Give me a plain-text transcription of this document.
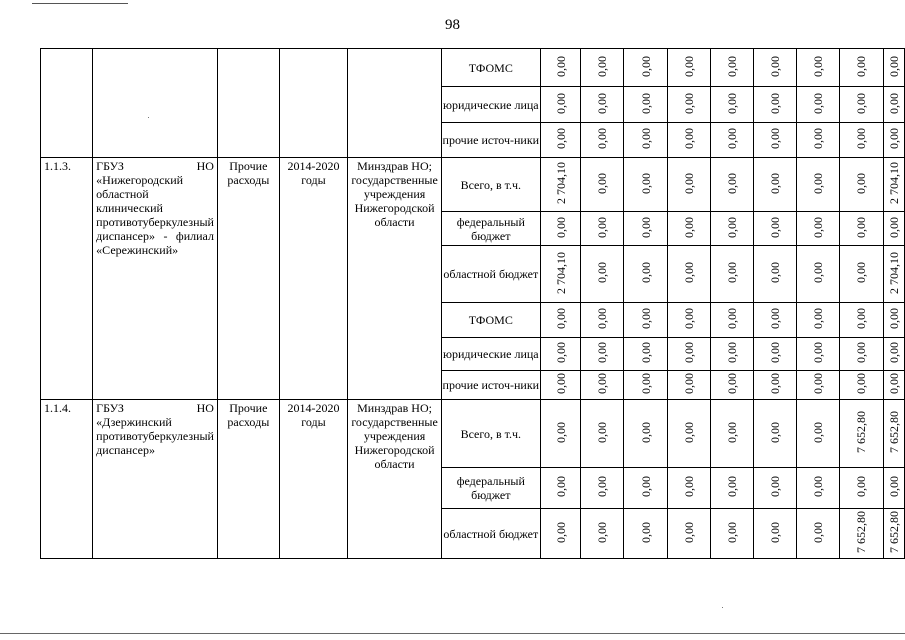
98
					ТФОМС	0,00	0,00	0,00	0,00	0,00	0,00	0,00	0,00	0,00
					юридические лица	0,00	0,00	0,00	0,00	0,00	0,00	0,00	0,00	0,00
					прочие источ-ники	0,00	0,00	0,00	0,00	0,00	0,00	0,00	0,00	0,00
1.1.3.	ГБУЗ НО «Нижегородский областной клинический противотуберкулезный диспансер» - филиал «Сережинский»	Прочие расходы	2014-2020 годы	Минздрав НО; государственные учреждения Нижегородской области	Всего, в т.ч.	2 704,10	0,00	0,00	0,00	0,00	0,00	0,00	0,00	2 704,10
					федеральный бюджет	0,00	0,00	0,00	0,00	0,00	0,00	0,00	0,00	0,00
					областной бюджет	2 704,10	0,00	0,00	0,00	0,00	0,00	0,00	0,00	2 704,10
					ТФОМС	0,00	0,00	0,00	0,00	0,00	0,00	0,00	0,00	0,00
					юридические лица	0,00	0,00	0,00	0,00	0,00	0,00	0,00	0,00	0,00
					прочие источ-ники	0,00	0,00	0,00	0,00	0,00	0,00	0,00	0,00	0,00
1.1.4.	ГБУЗ НО «Дзержинский противотуберкулезный диспансер»	Прочие расходы	2014-2020 годы	Минздрав НО; государственные учреждения Нижегородской области	Всего, в т.ч.	0,00	0,00	0,00	0,00	0,00	0,00	0,00	7 652,80	7 652,80
					федеральный бюджет	0,00	0,00	0,00	0,00	0,00	0,00	0,00	0,00	0,00
					областной бюджет	0,00	0,00	0,00	0,00	0,00	0,00	0,00	7 652,80	7 652,80
